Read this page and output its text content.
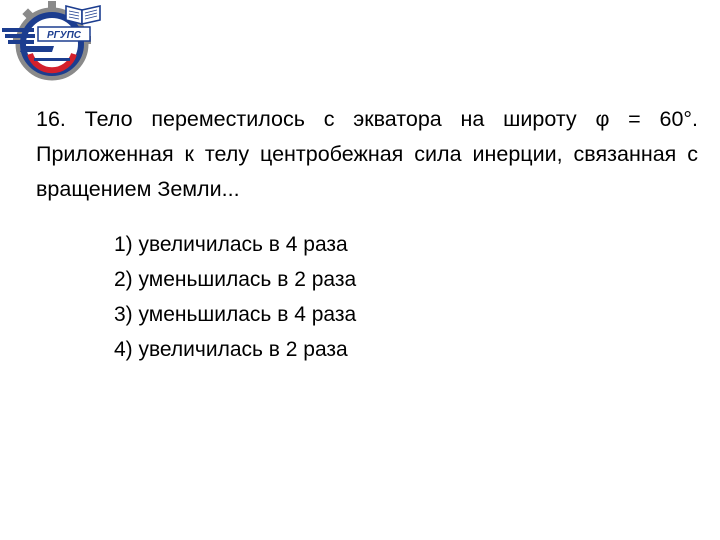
РГУПС
16. Тело переместилось с экватора на широту φ = 60°. Приложенная к телу центробежная сила инерции, связанная с вращением Земли...
1) увеличилась в 4 раза
2) уменьшилась в 2 раза
3) уменьшилась в 4 раза
4) увеличилась в 2 раза
